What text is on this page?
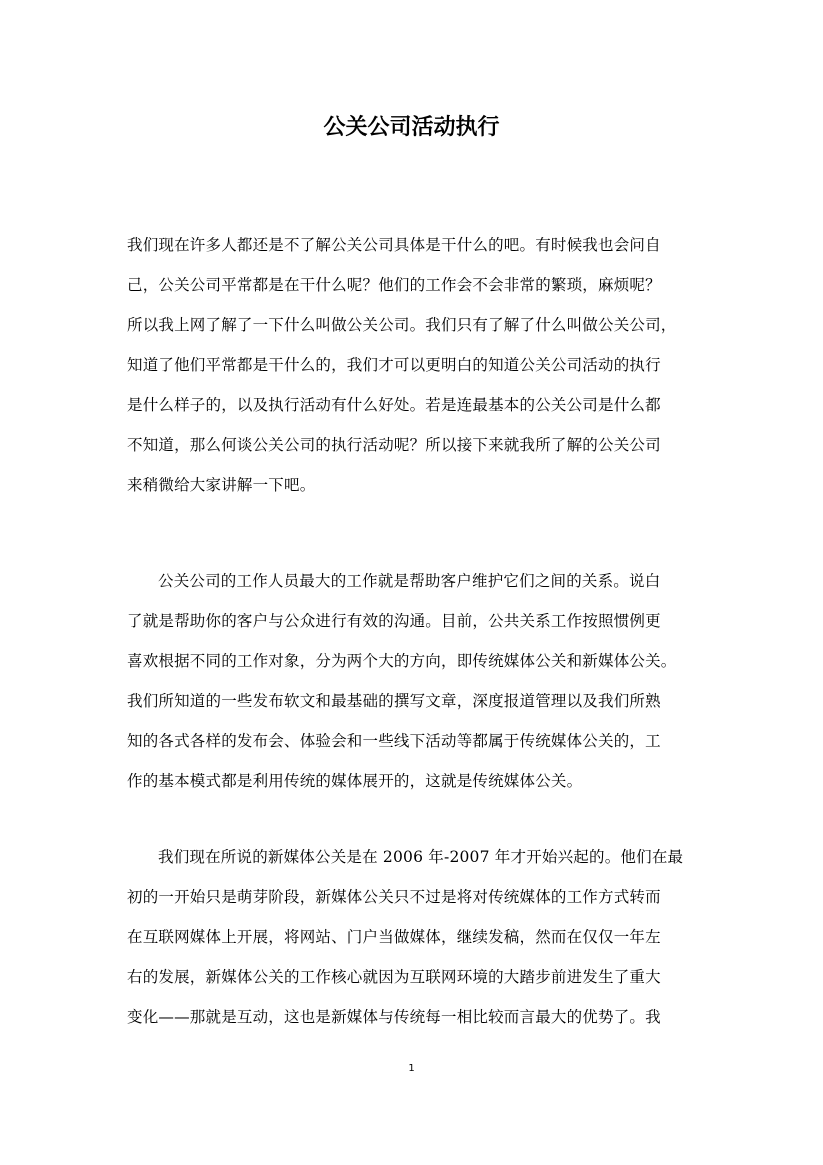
公关公司活动执行
我们现在许多人都还是不了解公关公司具体是干什么的吧。有时候我也会问自
己，公关公司平常都是在干什么呢？他们的工作会不会非常的繁琐，麻烦呢？
所以我上网了解了一下什么叫做公关公司。我们只有了解了什么叫做公关公司，
知道了他们平常都是干什么的，我们才可以更明白的知道公关公司活动的执行
是什么样子的，以及执行活动有什么好处。若是连最基本的公关公司是什么都
不知道，那么何谈公关公司的执行活动呢？所以接下来就我所了解的公关公司
来稍微给大家讲解一下吧。
公关公司的工作人员最大的工作就是帮助客户维护它们之间的关系。说白
了就是帮助你的客户与公众进行有效的沟通。目前，公共关系工作按照惯例更
喜欢根据不同的工作对象，分为两个大的方向，即传统媒体公关和新媒体公关。
我们所知道的一些发布软文和最基础的撰写文章，深度报道管理以及我们所熟
知的各式各样的发布会、体验会和一些线下活动等都属于传统媒体公关的，工
作的基本模式都是利用传统的媒体展开的，这就是传统媒体公关。
我们现在所说的新媒体公关是在 2006 年-2007 年才开始兴起的。他们在最
初的一开始只是萌芽阶段，新媒体公关只不过是将对传统媒体的工作方式转而
在互联网媒体上开展，将网站、门户当做媒体，继续发稿，然而在仅仅一年左
右的发展，新媒体公关的工作核心就因为互联网环境的大踏步前进发生了重大
变化——那就是互动，这也是新媒体与传统每一相比较而言最大的优势了。我
1
